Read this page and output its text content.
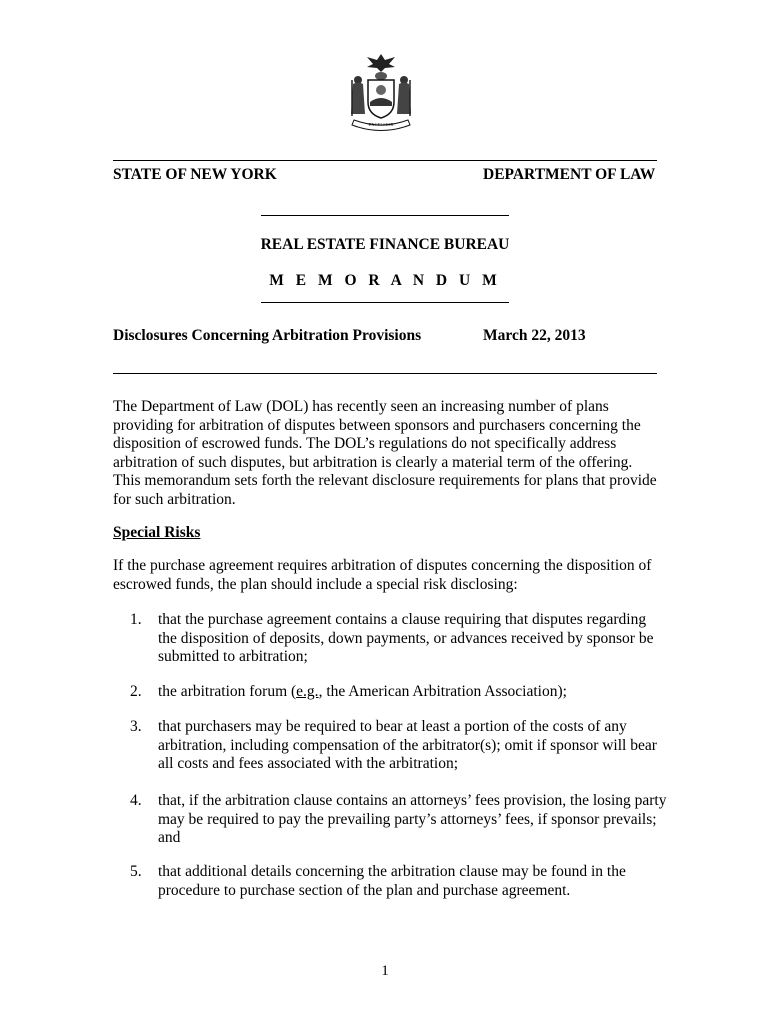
EXCELSIOR
STATE OF NEW YORK	DEPARTMENT OF LAW
REAL ESTATE FINANCE BUREAU
M E M O R A N D U M
Disclosures Concerning Arbitration Provisions	March 22, 2013
The Department of Law (DOL) has recently seen an increasing number of plans providing for arbitration of disputes between sponsors and purchasers concerning the disposition of escrowed funds. The DOL’s regulations do not specifically address arbitration of such disputes, but arbitration is clearly a material term of the offering. This memorandum sets forth the relevant disclosure requirements for plans that provide for such arbitration.
Special Risks
If the purchase agreement requires arbitration of disputes concerning the disposition of escrowed funds, the plan should include a special risk disclosing:
1. that the purchase agreement contains a clause requiring that disputes regarding the disposition of deposits, down payments, or advances received by sponsor be submitted to arbitration;
2. the arbitration forum (e.g., the American Arbitration Association);
3. that purchasers may be required to bear at least a portion of the costs of any arbitration, including compensation of the arbitrator(s); omit if sponsor will bear all costs and fees associated with the arbitration;
4. that, if the arbitration clause contains an attorneys’ fees provision, the losing party may be required to pay the prevailing party’s attorneys’ fees, if sponsor prevails; and
5. that additional details concerning the arbitration clause may be found in the procedure to purchase section of the plan and purchase agreement.
1
